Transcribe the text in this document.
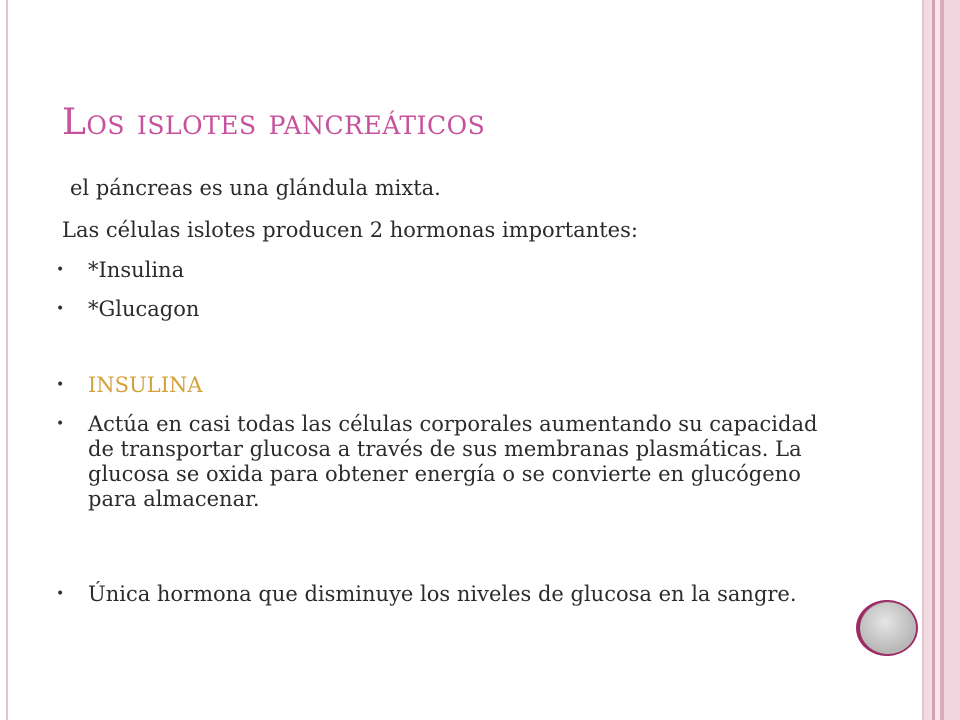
Los islotes pancreáticos

el páncreas es una glándula mixta.

Las células islotes producen 2 hormonas importantes:

•	*Insulina
•	*Glucagon
•	INSULINA
•	Actúa en casi todas las células corporales aumentando su capacidad de transportar glucosa a través de sus membranas plasmáticas. La glucosa se oxida para obtener energía o se convierte en glucógeno para almacenar.
•	Única hormona que disminuye los niveles de glucosa en la sangre.
